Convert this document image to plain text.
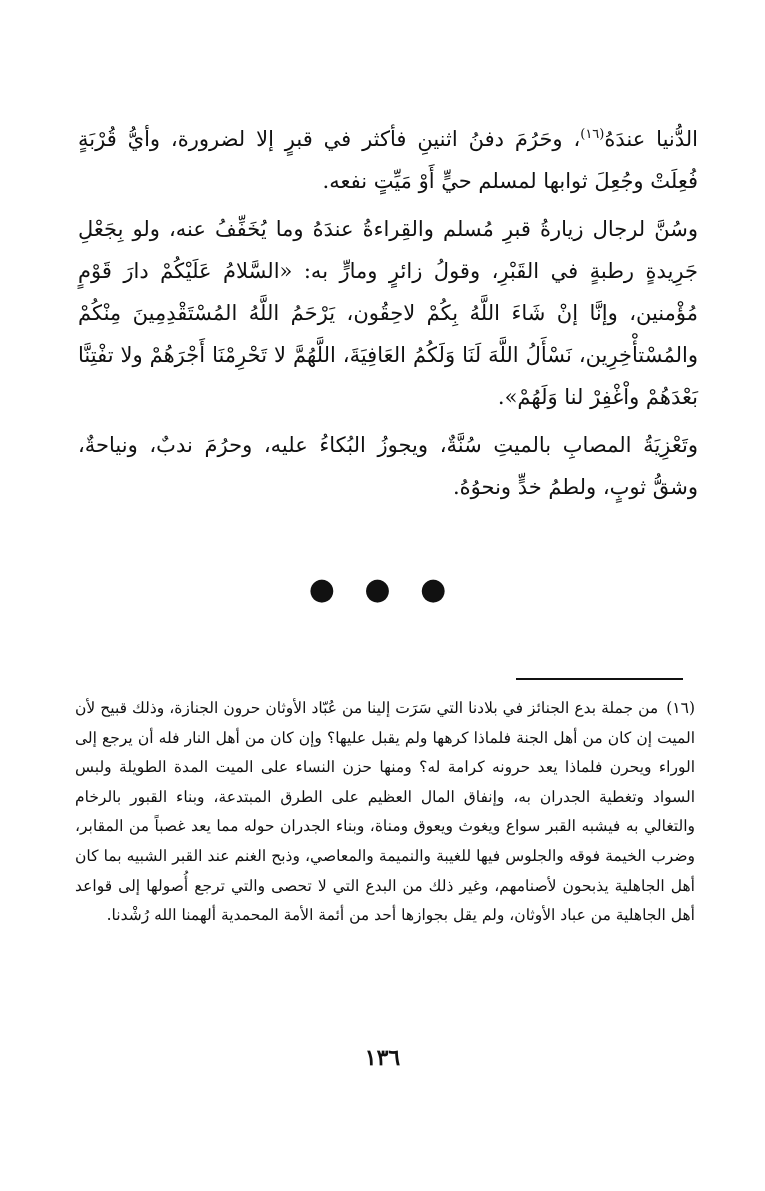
الدُّنيا عندَهُ$^{(١٦)}$، وحَرُمَ دفنُ اثنينِ فأكثر في قبرٍ إلا لضرورة، وأيُّ قُرْبَةٍ فُعِلَتْ وجُعِلَ ثوابها لمسلم حيٍّ أَوْ مَيِّتٍ نفعه.

وسُنَّ لرجال زيارةُ قبرِ مُسلم والقِراءةُ عندَهُ وما يُخَفِّفُ عنه، ولو بِجَعْلِ جَرِيدةٍ رطبةٍ في القَبْرِ، وقولُ زائرٍ ومارٍّ به: «السَّلامُ عَلَيْكُمْ دارَ قَوْمٍ مُؤْمنين، وإنَّا إنْ شَاءَ اللَّهُ بِكُمْ لاحِقُون، يَرْحَمُ اللَّهُ المُسْتَقْدِمِينَ مِنْكُمْ والمُسْتأْخِرِين، نَسْأَلُ اللَّهَ لَنَا وَلَكُمُ العَافِيَةَ، اللَّهُمَّ لا تَحْرِمْنَا أَجْرَهُمْ ولا تفْتِنَّا بَعْدَهُمْ واْغْفِرْ لنا وَلَهُمْ».

وتَعْزِيَةُ المصابِ بالميتِ سُنَّةٌ، ويجوزُ البُكاءُ عليه، وحرُمَ ندبٌ، ونياحةٌ، وشقُّ ثوبٍ، ولطمُ خدٍّ ونحوُهُ.

● ● ●

(١٦)من جملة بدع الجنائز في بلادنا التي سَرَت إلينا من عُبّاد الأوثان حرون الجنازة، وذلك قبيح لأن الميت إن كان من أهل الجنة فلماذا كرهها ولم يقبل عليها؟ وإن كان من أهل النار فله أن يرجع إلى الوراء ويحرن فلماذا يعد حرونه كرامة له؟ ومنها حزن النساء على الميت المدة الطويلة ولبس السواد وتغطية الجدران به، وإنفاق المال العظيم على الطرق المبتدعة، وبناء القبور بالرخام والتغالي به فيشبه القبر سواع ويغوث ويعوق ومناة، وبناء الجدران حوله مما يعد غصباً من المقابر، وضرب الخيمة فوقه والجلوس فيها للغيبة والنميمة والمعاصي، وذبح الغنم عند القبر الشبيه بما كان أهل الجاهلية يذبحون لأصنامهم، وغير ذلك من البدع التي لا تحصى والتي ترجع أُصولها إلى قواعد أهل الجاهلية من عباد الأوثان، ولم يقل بجوازها أحد من أئمة الأمة المحمدية ألهمنا الله رُشْدنا.

١٣٦
